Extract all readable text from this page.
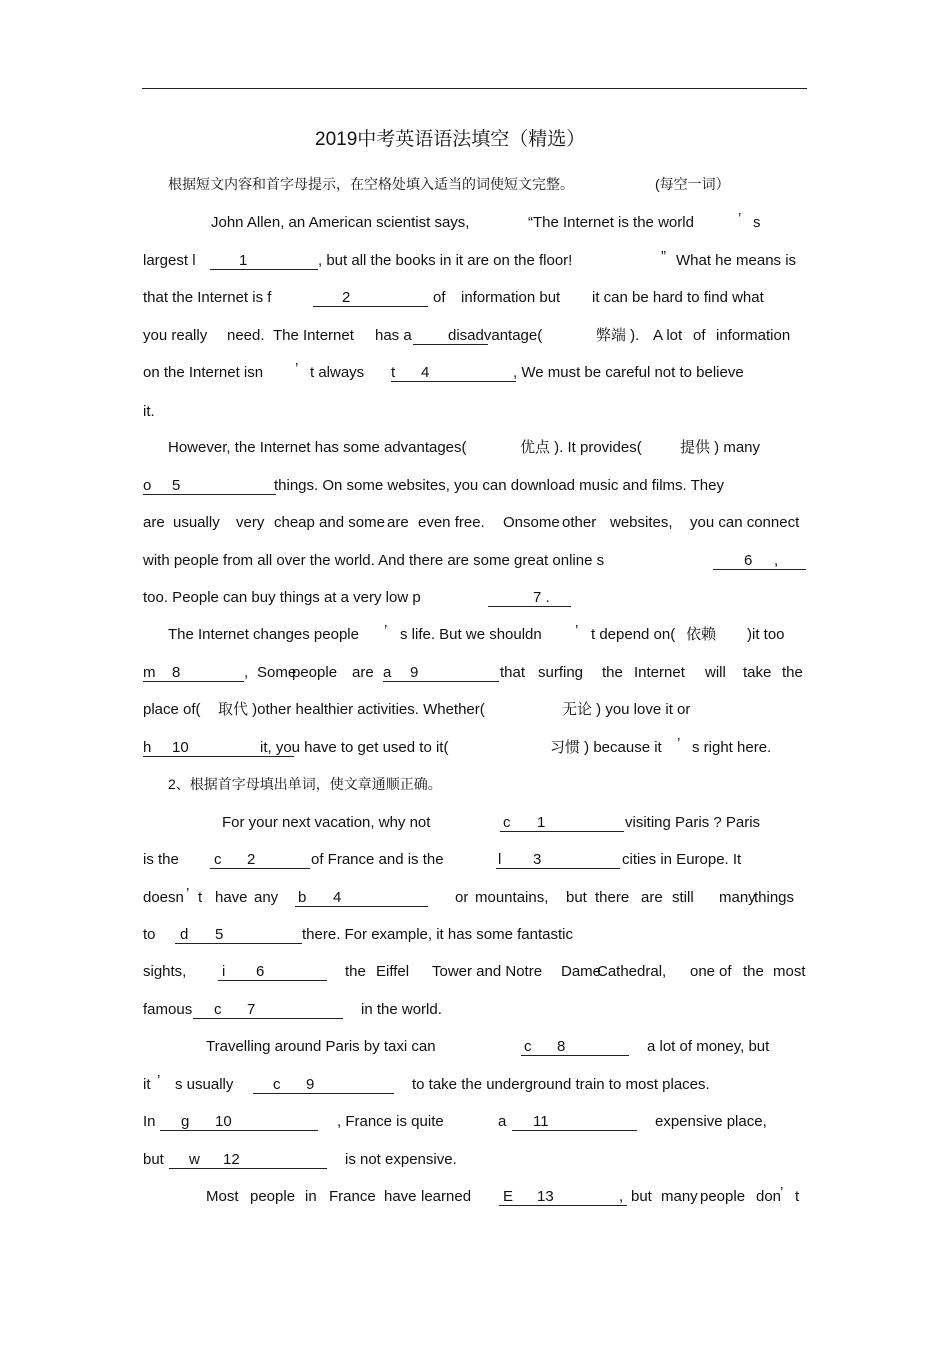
2019中考英语语法填空（精选）
根据短文内容和首字母提示，在空格处填入适当的词使短文完整。	(每空一词）
John Allen, an American scientist says,	“The Internet is the world	’ s
largest l	1	, but all the books in it are on the floor!	” What he means is
that the Internet is f	2	of information but it can be hard to find what
you really need. The Internet has a disadvantage(	弊端 ). A lot of information
on the Internet isn ’ t always t 4	, We must be careful not to believe
it.
However, the Internet has some advantages(	优点 ). It provides(	提供 ) many
o 5	things. On some websites, you can download music and films. They
are usually very cheap and some are even free. On some other websites, you can connect
with people from all over the world. And there are some great online s	6 ,
too. People can buy things at a very low p	7 .
The Internet changes people ’ s life. But we shouldn ’ t depend on( 依赖 )it too
m 8	, Some
people are a 9	that surfing the Internet will take the
place of( 取代 )other healthier activities. Whether(	无论 ) you love it or
h 10	it, you have to get used to it(	习惯 ) because it ’ s right here.
2、根据首字母填出单词，使文章通顺正确。
For your next vacation, why not	c 1	visiting Paris ? Paris
is the c 2	of France and is the	l 3	cities in Europe. It
doesn ’ t have any b 4	or mountains, but there are still many
things
to d 5	there. For example, it has some fantastic
sights, i 6	the Eiffel Tower and Notre Dame
Cathedral, one of the most
famous c 7	in the world.
Travelling around Paris by taxi can	c 8	a lot of money, but
it ’ s usually	c 9	to take the underground train to most places.
In g 10	, France is quite	a 11	expensive place,
but w 12	is not expensive.
Most people in France have learned E 13	, but many people don
’ t
